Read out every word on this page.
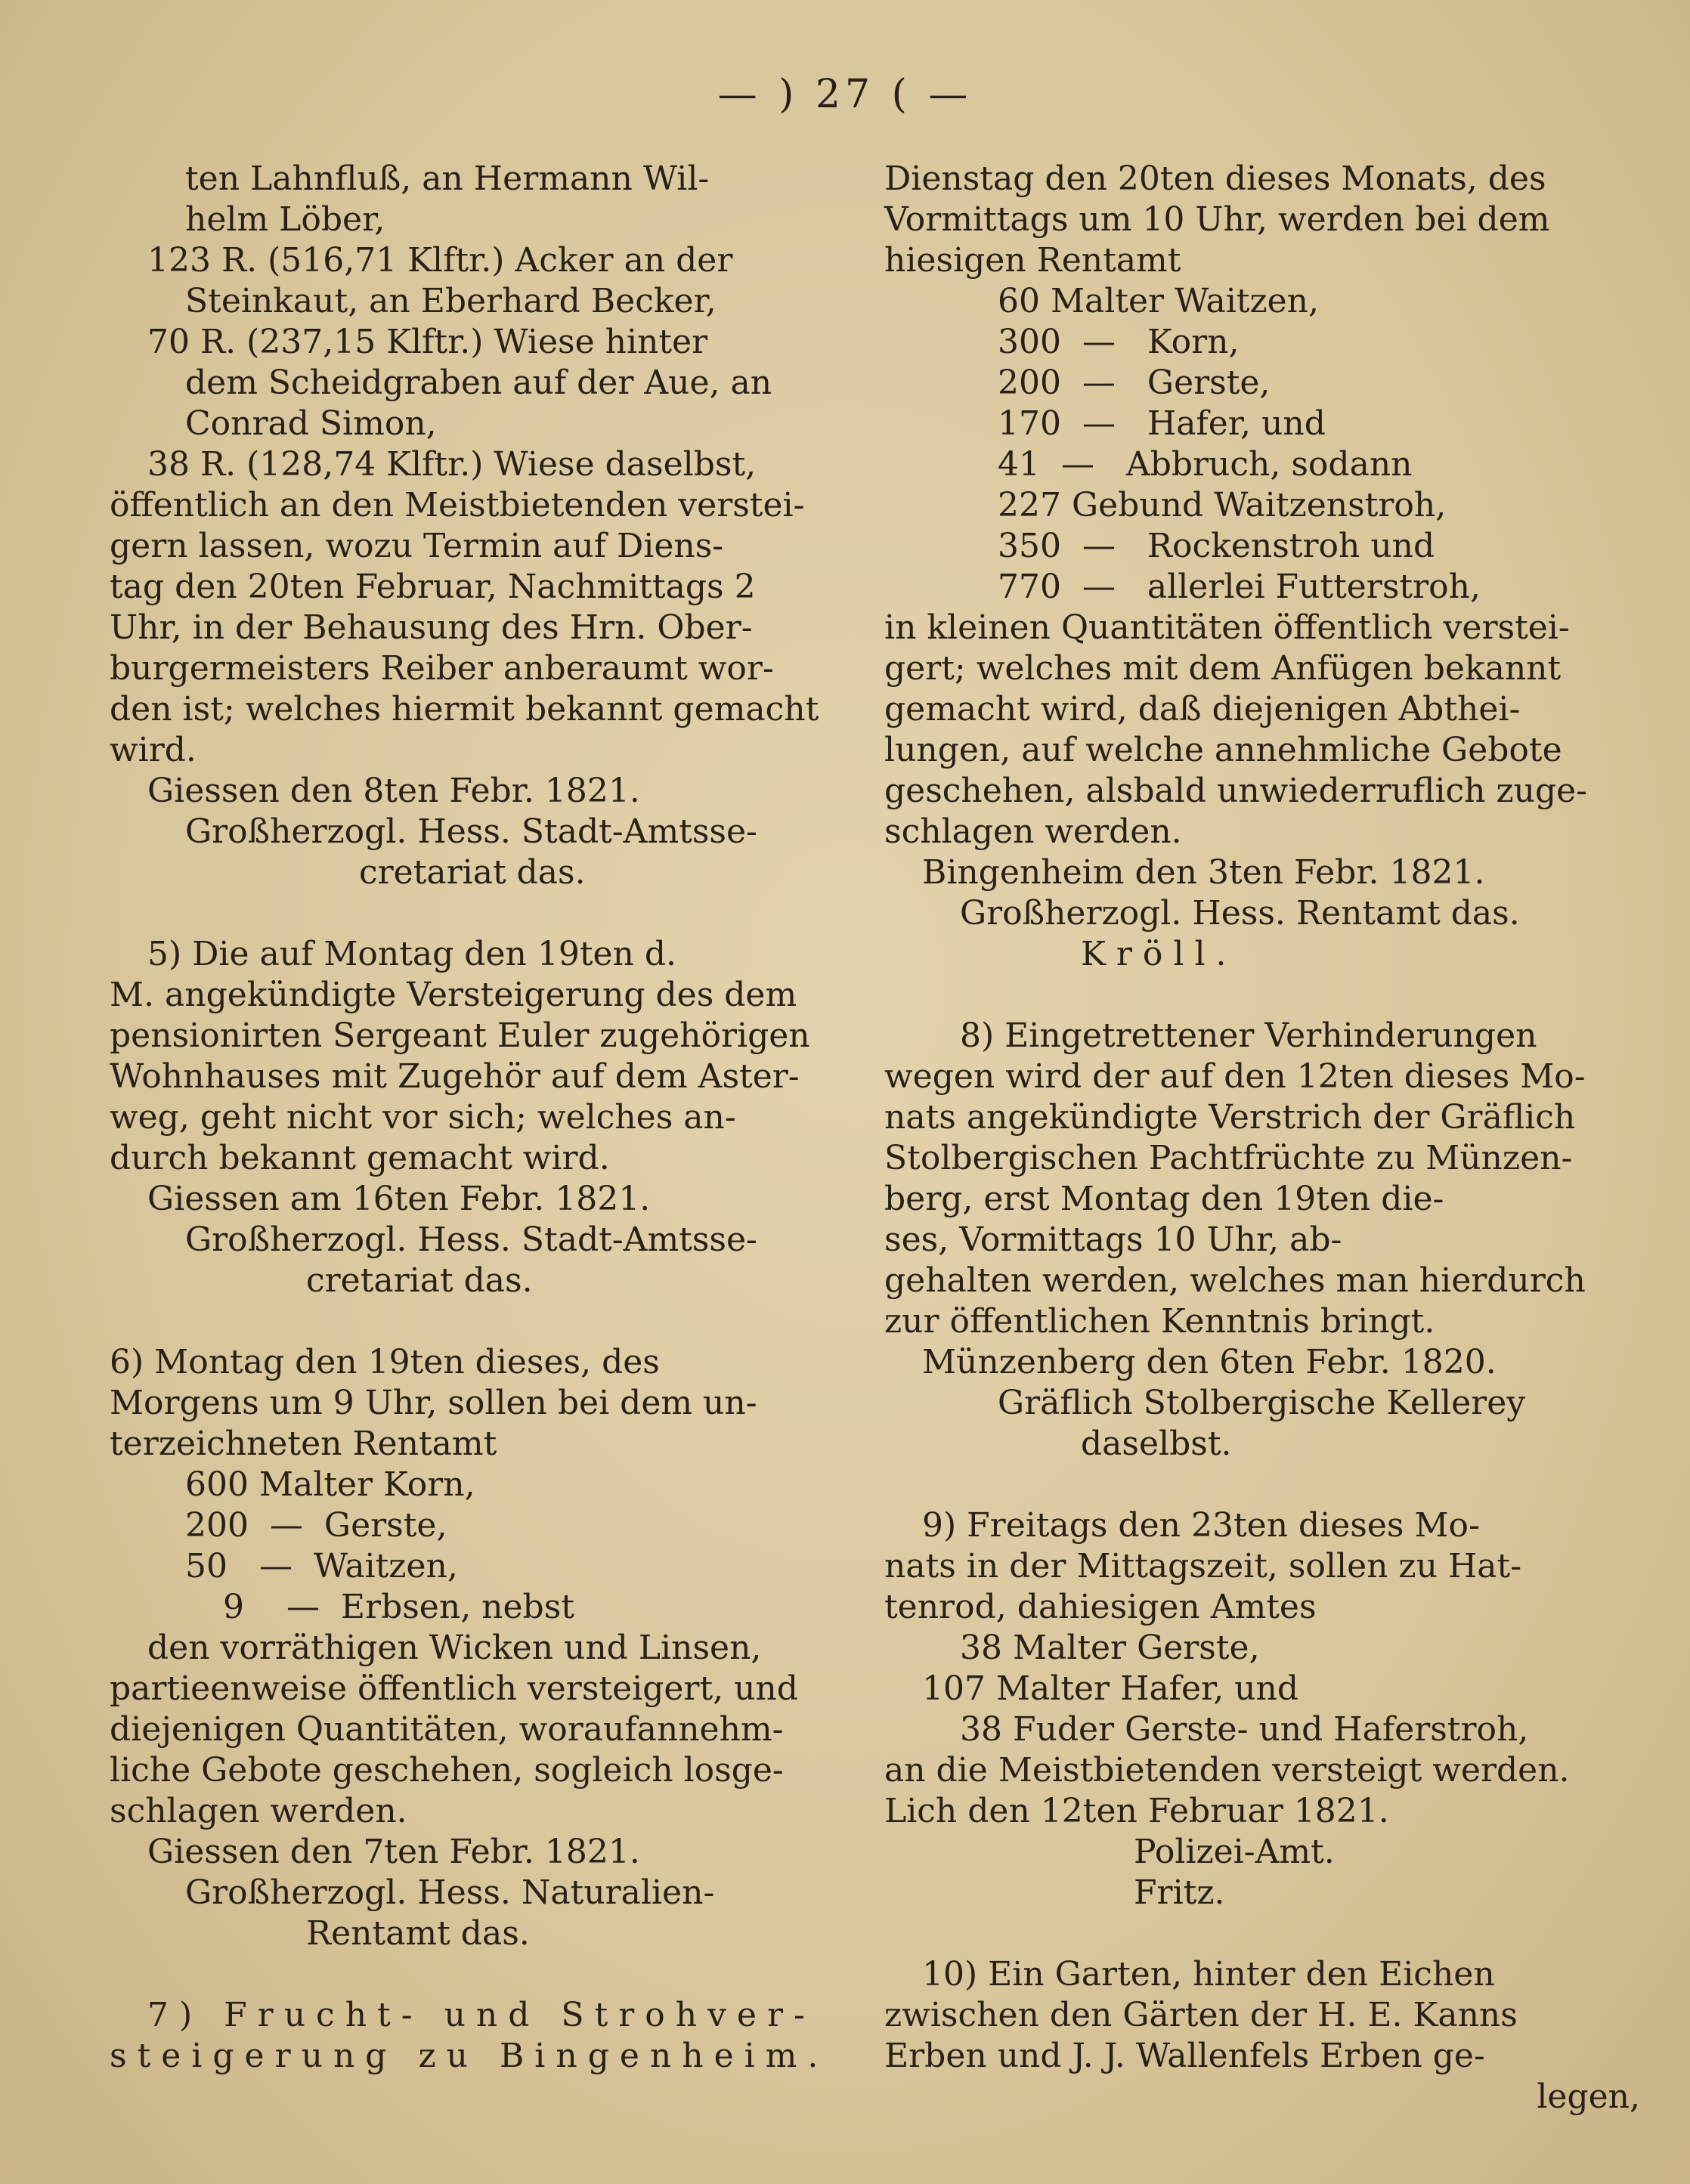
— ) 27 ( —
ten Lahnfluß, an Hermann Wil-
helm Löber,
123 R. (516,71 Klftr.) Acker an der
Steinkaut, an Eberhard Becker,
70 R. (237,15 Klftr.) Wiese hinter
dem Scheidgraben auf der Aue, an
Conrad Simon,
38 R. (128,74 Klftr.) Wiese daselbst,
öffentlich an den Meistbietenden verstei-
gern lassen, wozu Termin auf Diens-
tag den 20ten Februar, Nachmittags 2
Uhr, in der Behausung des Hrn. Ober-
burgermeisters Reiber anberaumt wor-
den ist; welches hiermit bekannt gemacht
wird.
Giessen den 8ten Febr. 1821.
Großherzogl. Hess. Stadt-Amtsse-
cretariat das.
5) Die auf Montag den 19ten d.
M. angekündigte Versteigerung des dem
pensionirten Sergeant Euler zugehörigen
Wohnhauses mit Zugehör auf dem Aster-
weg, geht nicht vor sich; welches an-
durch bekannt gemacht wird.
Giessen am 16ten Febr. 1821.
Großherzogl. Hess. Stadt-Amtsse-
cretariat das.
6) Montag den 19ten dieses, des
Morgens um 9 Uhr, sollen bei dem un-
terzeichneten Rentamt
600 Malter Korn,
200  —  Gerste,
50   —  Waitzen,
9    —  Erbsen, nebst
den vorräthigen Wicken und Linsen,
partieenweise öffentlich versteigert, und
diejenigen Quantitäten, woraufannehm-
liche Gebote geschehen, sogleich losge-
schlagen werden.
Giessen den 7ten Febr. 1821.
Großherzogl. Hess. Naturalien-
Rentamt das.
7) Frucht- und Strohver-
steigerung zu Bingenheim.
Dienstag den 20ten dieses Monats, des
Vormittags um 10 Uhr, werden bei dem
hiesigen Rentamt
60 Malter Waitzen,
300  —   Korn,
200  —   Gerste,
170  —   Hafer, und
41  —   Abbruch, sodann
227 Gebund Waitzenstroh,
350  —   Rockenstroh und
770  —   allerlei Futterstroh,
in kleinen Quantitäten öffentlich verstei-
gert; welches mit dem Anfügen bekannt
gemacht wird, daß diejenigen Abthei-
lungen, auf welche annehmliche Gebote
geschehen, alsbald unwiederruflich zuge-
schlagen werden.
Bingenheim den 3ten Febr. 1821.
Großherzogl. Hess. Rentamt das.
Kröll.
8) Eingetrettener Verhinderungen
wegen wird der auf den 12ten dieses Mo-
nats angekündigte Verstrich der Gräflich
Stolbergischen Pachtfrüchte zu Münzen-
berg, erst Montag den 19ten die-
ses, Vormittags 10 Uhr, ab-
gehalten werden, welches man hierdurch
zur öffentlichen Kenntnis bringt.
Münzenberg den 6ten Febr. 1820.
Gräflich Stolbergische Kellerey
daselbst.
9) Freitags den 23ten dieses Mo-
nats in der Mittagszeit, sollen zu Hat-
tenrod, dahiesigen Amtes
38 Malter Gerste,
107 Malter Hafer, und
38 Fuder Gerste- und Haferstroh,
an die Meistbietenden versteigt werden.
Lich den 12ten Februar 1821.
Polizei-Amt.
Fritz.
10) Ein Garten, hinter den Eichen
zwischen den Gärten der H. E. Kanns
Erben und J. J. Wallenfels Erben ge-
legen,
